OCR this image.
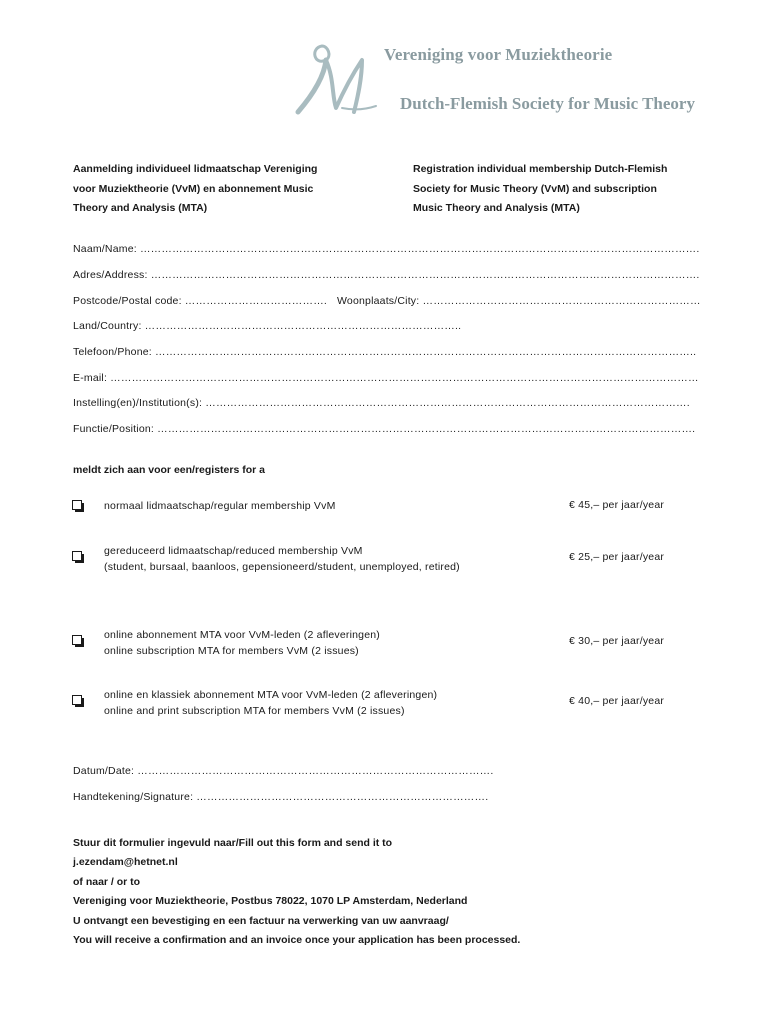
Vereniging voor Muziektheorie
Dutch-Flemish Society for Music Theory
Aanmelding individueel lidmaatschap Vereniging
voor Muziektheorie (VvM) en abonnement Music
Theory and Analysis (MTA)
Registration individual membership Dutch-Flemish
Society for Music Theory (VvM) and subscription
Music Theory and Analysis (MTA)
Naam/Name: ………………………………………………………………………………………………………………………………………….
Adres/Address: ……………………………………………………………………………………………………………………………………….
Postcode/Postal code: …………………………………. Woonplaats/City: ……………………………………………………………………
Land/Country: ……………………………………………………………………………..
Telefoon/Phone: ……………………………………………………………………………………………………………………………………..
E-mail: …………………………………………………………………………………………………………………………………………………
Instelling(en)/Institution(s): ……………………………………………………………………………………………………………………….
Functie/Position: …………………………………………………………………………………………………………………………………….
meldt zich aan voor een/registers for a
normaal lidmaatschap/regular membership VvM	€ 45,– per jaar/year
gereduceerd lidmaatschap/reduced membership VvM
(student, bursaal, baanloos, gepensioneerd/student, unemployed, retired)
€ 25,– per jaar/year
online abonnement MTA voor VvM-leden (2 afleveringen)
online subscription MTA for members VvM (2 issues)
€ 30,– per jaar/year
online en klassiek abonnement MTA voor VvM-leden (2 afleveringen)
online and print subscription MTA for members VvM (2 issues)
€ 40,– per jaar/year
Datum/Date: ……………………………………………………………………………………….
Handtekening/Signature: ……………………………………………………………………….
Stuur dit formulier ingevuld naar/Fill out this form and send it to
j.ezendam@hetnet.nl
of naar / or to
Vereniging voor Muziektheorie, Postbus 78022, 1070 LP Amsterdam, Nederland
U ontvangt een bevestiging en een factuur na verwerking van uw aanvraag/
You will receive a confirmation and an invoice once your application has been processed.
